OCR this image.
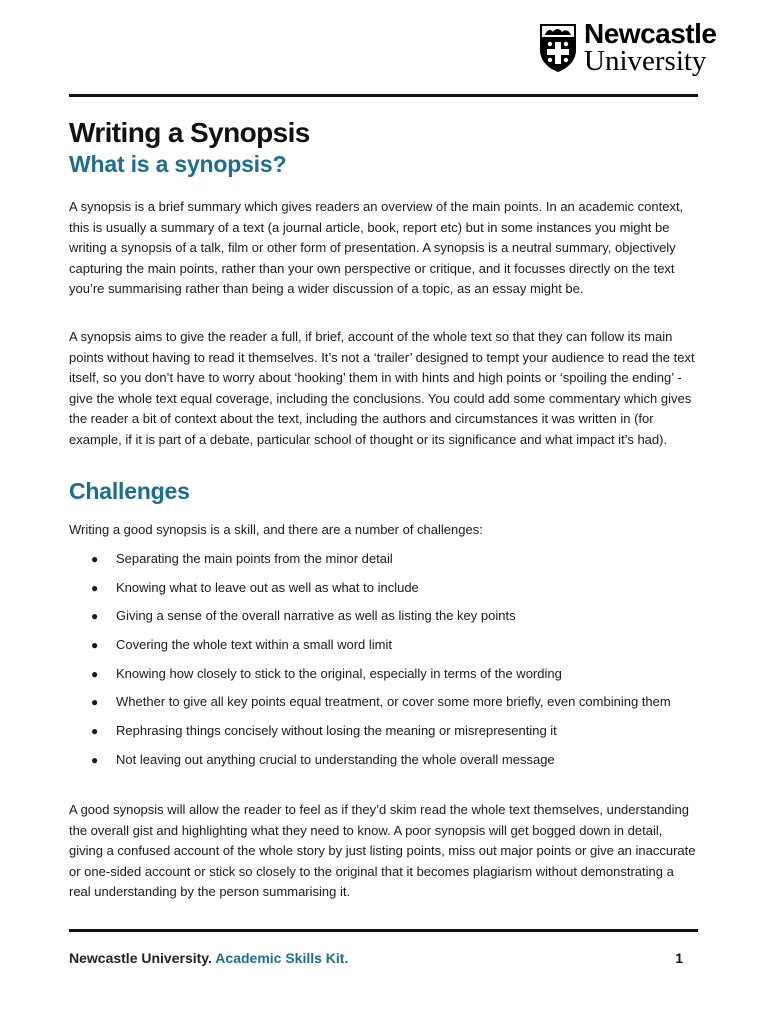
Newcastle
University
Writing a Synopsis
What is a synopsis?

A synopsis is a brief summary which gives readers an overview of the main points. In an academic context, this is usually a summary of a text (a journal article, book, report etc) but in some instances you might be writing a synopsis of a talk, film or other form of presentation. A synopsis is a neutral summary, objectively capturing the main points, rather than your own perspective or critique, and it focusses directly on the text you’re summarising rather than being a wider discussion of a topic, as an essay might be.

A synopsis aims to give the reader a full, if brief, account of the whole text so that they can follow its main points without having to read it themselves. It’s not a ‘trailer’ designed to tempt your audience to read the text itself, so you don’t have to worry about ‘hooking’ them in with hints and high points or ‘spoiling the ending’ - give the whole text equal coverage, including the conclusions. You could add some commentary which gives the reader a bit of context about the text, including the authors and circumstances it was written in (for example, if it is part of a debate, particular school of thought or its significance and what impact it’s had).

Challenges

Writing a good synopsis is a skill, and there are a number of challenges:

● Separating the main points from the minor detail
● Knowing what to leave out as well as what to include
● Giving a sense of the overall narrative as well as listing the key points
● Covering the whole text within a small word limit
● Knowing how closely to stick to the original, especially in terms of the wording
● Whether to give all key points equal treatment, or cover some more briefly, even combining them
● Rephrasing things concisely without losing the meaning or misrepresenting it
● Not leaving out anything crucial to understanding the whole overall message

A good synopsis will allow the reader to feel as if they’d skim read the whole text themselves, understanding the overall gist and highlighting what they need to know. A poor synopsis will get bogged down in detail, giving a confused account of the whole story by just listing points, miss out major points or give an inaccurate or one-sided account or stick so closely to the original that it becomes plagiarism without demonstrating a real understanding by the person summarising it.

Newcastle University. Academic Skills Kit.	1
